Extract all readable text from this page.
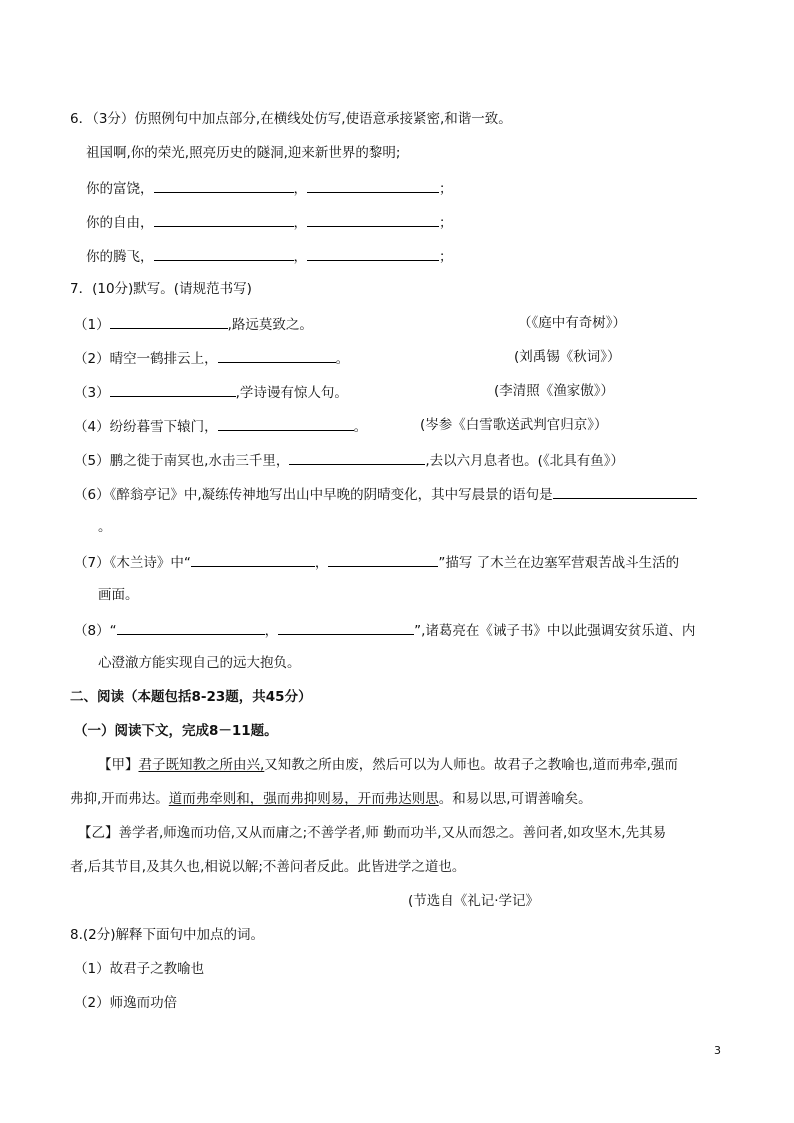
6．（3分）仿照例句中加点部分,在横线处仿写,使语意承接紧密,和谐一致。
祖国啊,你的荣光,照亮历史的隧洞,迎来新世界的黎明;
你的富饶，	，	；
你的自由，	，	；
你的腾飞，	，	；
7．(10分)默写。(请规范书写)
（1）	,路远莫致之。	（《庭中有奇树》）
（2）晴空一鹤排云上，	。	(刘禹锡《秋词》）
（3）	,学诗谩有惊人句。	(李清照《渔家傲》）
（4）纷纷暮雪下辕门，	。	(岑参《白雪歌送武判官归京》）
（5）鹏之徙于南冥也,水击三千里，	,去以六月息者也。(《北具有鱼》）
（6）《醉翁亭记》中,凝练传神地写出山中早晚的阴晴变化，其中写晨景的语句是
。
（7）《木兰诗》中“	，	”描写 了木兰在边塞军营艰苦战斗生活的
画面。
（8）“	，	”,诸葛亮在《诫子书》中以此强调安贫乐道、内
心澄澈方能实现自己的远大抱负。
二、阅读（本题包括8-23题，共45分）
（一）阅读下文，完成8－11题。
【甲】君子既知教之所由兴,又知教之所由废，然后可以为人师也。故君子之教喻也,道而弗牵,强而
弗抑,开而弗达。道而弗牵则和，强而弗抑则易，开而弗达则思。和易以思,可谓善喻矣。
【乙】善学者,师逸而功倍,又从而庸之;不善学者,师 勤而功半,又从而怨之。善问者,如攻坚木,先其易
者,后其节目,及其久也,相说以解;不善问者反此。此皆进学之道也。
(节选自《礼记·学记》
8.(2分)解释下面句中加点的词。
（1）故君子之教喻也
（2）师逸而功倍
3
